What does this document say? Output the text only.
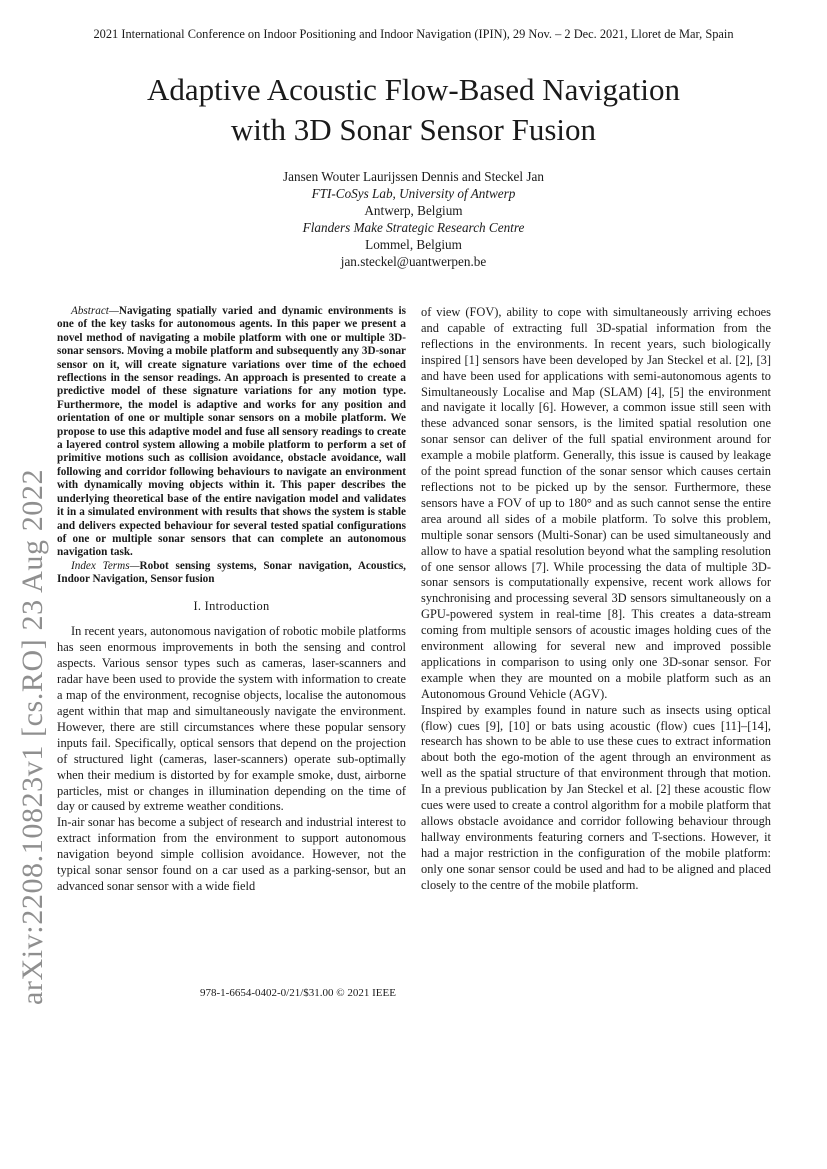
2021 International Conference on Indoor Positioning and Indoor Navigation (IPIN), 29 Nov. – 2 Dec. 2021, Lloret de Mar, Spain
Adaptive Acoustic Flow-Based Navigation
with 3D Sonar Sensor Fusion
Jansen Wouter Laurijssen Dennis and Steckel Jan
FTI-CoSys Lab, University of Antwerp
Antwerp, Belgium
Flanders Make Strategic Research Centre
Lommel, Belgium
jan.steckel@uantwerpen.be
arXiv:2208.10823v1 [cs.RO] 23 Aug 2022

Abstract—Navigating spatially varied and dynamic environments is one of the key tasks for autonomous agents. In this paper we present a novel method of navigating a mobile platform with one or multiple 3D-sonar sensors. Moving a mobile platform and subsequently any 3D-sonar sensor on it, will create signature variations over time of the echoed reflections in the sensor readings. An approach is presented to create a predictive model of these signature variations for any motion type. Furthermore, the model is adaptive and works for any position and orientation of one or multiple sonar sensors on a mobile platform. We propose to use this adaptive model and fuse all sensory readings to create a layered control system allowing a mobile platform to perform a set of primitive motions such as collision avoidance, obstacle avoidance, wall following and corridor following behaviours to navigate an environment with dynamically moving objects within it. This paper describes the underlying theoretical base of the entire navigation model and validates it in a simulated environment with results that shows the system is stable and delivers expected behaviour for several tested spatial configurations of one or multiple sonar sensors that can complete an autonomous navigation task.

Index Terms—Robot sensing systems, Sonar navigation, Acoustics, Indoor Navigation, Sensor fusion

I. Introduction

In recent years, autonomous navigation of robotic mobile platforms has seen enormous improvements in both the sensing and control aspects. Various sensor types such as cameras, laser-scanners and radar have been used to provide the system with information to create a map of the environment, recognise objects, localise the autonomous agent within that map and simultaneously navigate the environment. However, there are still circumstances where these popular sensory inputs fail. Specifically, optical sensors that depend on the projection of structured light (cameras, laser-scanners) operate sub-optimally when their medium is distorted by for example smoke, dust, airborne particles, mist or changes in illumination depending on the time of day or caused by extreme weather conditions.

In-air sonar has become a subject of research and industrial interest to extract information from the environment to support autonomous navigation beyond simple collision avoidance. However, not the typical sonar sensor found on a car used as a parking-sensor, but an advanced sonar sensor with a wide field

978-1-6654-0402-0/21/$31.00 © 2021 IEEE

of view (FOV), ability to cope with simultaneously arriving echoes and capable of extracting full 3D-spatial information from the reflections in the environments. In recent years, such biologically inspired [1] sensors have been developed by Jan Steckel et al. [2], [3] and have been used for applications with semi-autonomous agents to Simultaneously Localise and Map (SLAM) [4], [5] the environment and navigate it locally [6]. However, a common issue still seen with these advanced sonar sensors, is the limited spatial resolution one sonar sensor can deliver of the full spatial environment around for example a mobile platform. Generally, this issue is caused by leakage of the point spread function of the sonar sensor which causes certain reflections not to be picked up by the sensor. Furthermore, these sensors have a FOV of up to 180° and as such cannot sense the entire area around all sides of a mobile platform. To solve this problem, multiple sonar sensors (Multi-Sonar) can be used simultaneously and allow to have a spatial resolution beyond what the sampling resolution of one sensor allows [7]. While processing the data of multiple 3D-sonar sensors is computationally expensive, recent work allows for synchronising and processing several 3D sensors simultaneously on a GPU-powered system in real-time [8]. This creates a data-stream coming from multiple sensors of acoustic images holding cues of the environment allowing for several new and improved possible applications in comparison to using only one 3D-sonar sensor. For example when they are mounted on a mobile platform such as an Autonomous Ground Vehicle (AGV).

Inspired by examples found in nature such as insects using optical (flow) cues [9], [10] or bats using acoustic (flow) cues [11]–[14], research has shown to be able to use these cues to extract information about both the ego-motion of the agent through an environment as well as the spatial structure of that environment through that motion. In a previous publication by Jan Steckel et al. [2] these acoustic flow cues were used to create a control algorithm for a mobile platform that allows obstacle avoidance and corridor following behaviour through hallway environments featuring corners and T-sections. However, it had a major restriction in the configuration of the mobile platform: only one sonar sensor could be used and had to be aligned and placed closely to the centre of the mobile platform.
